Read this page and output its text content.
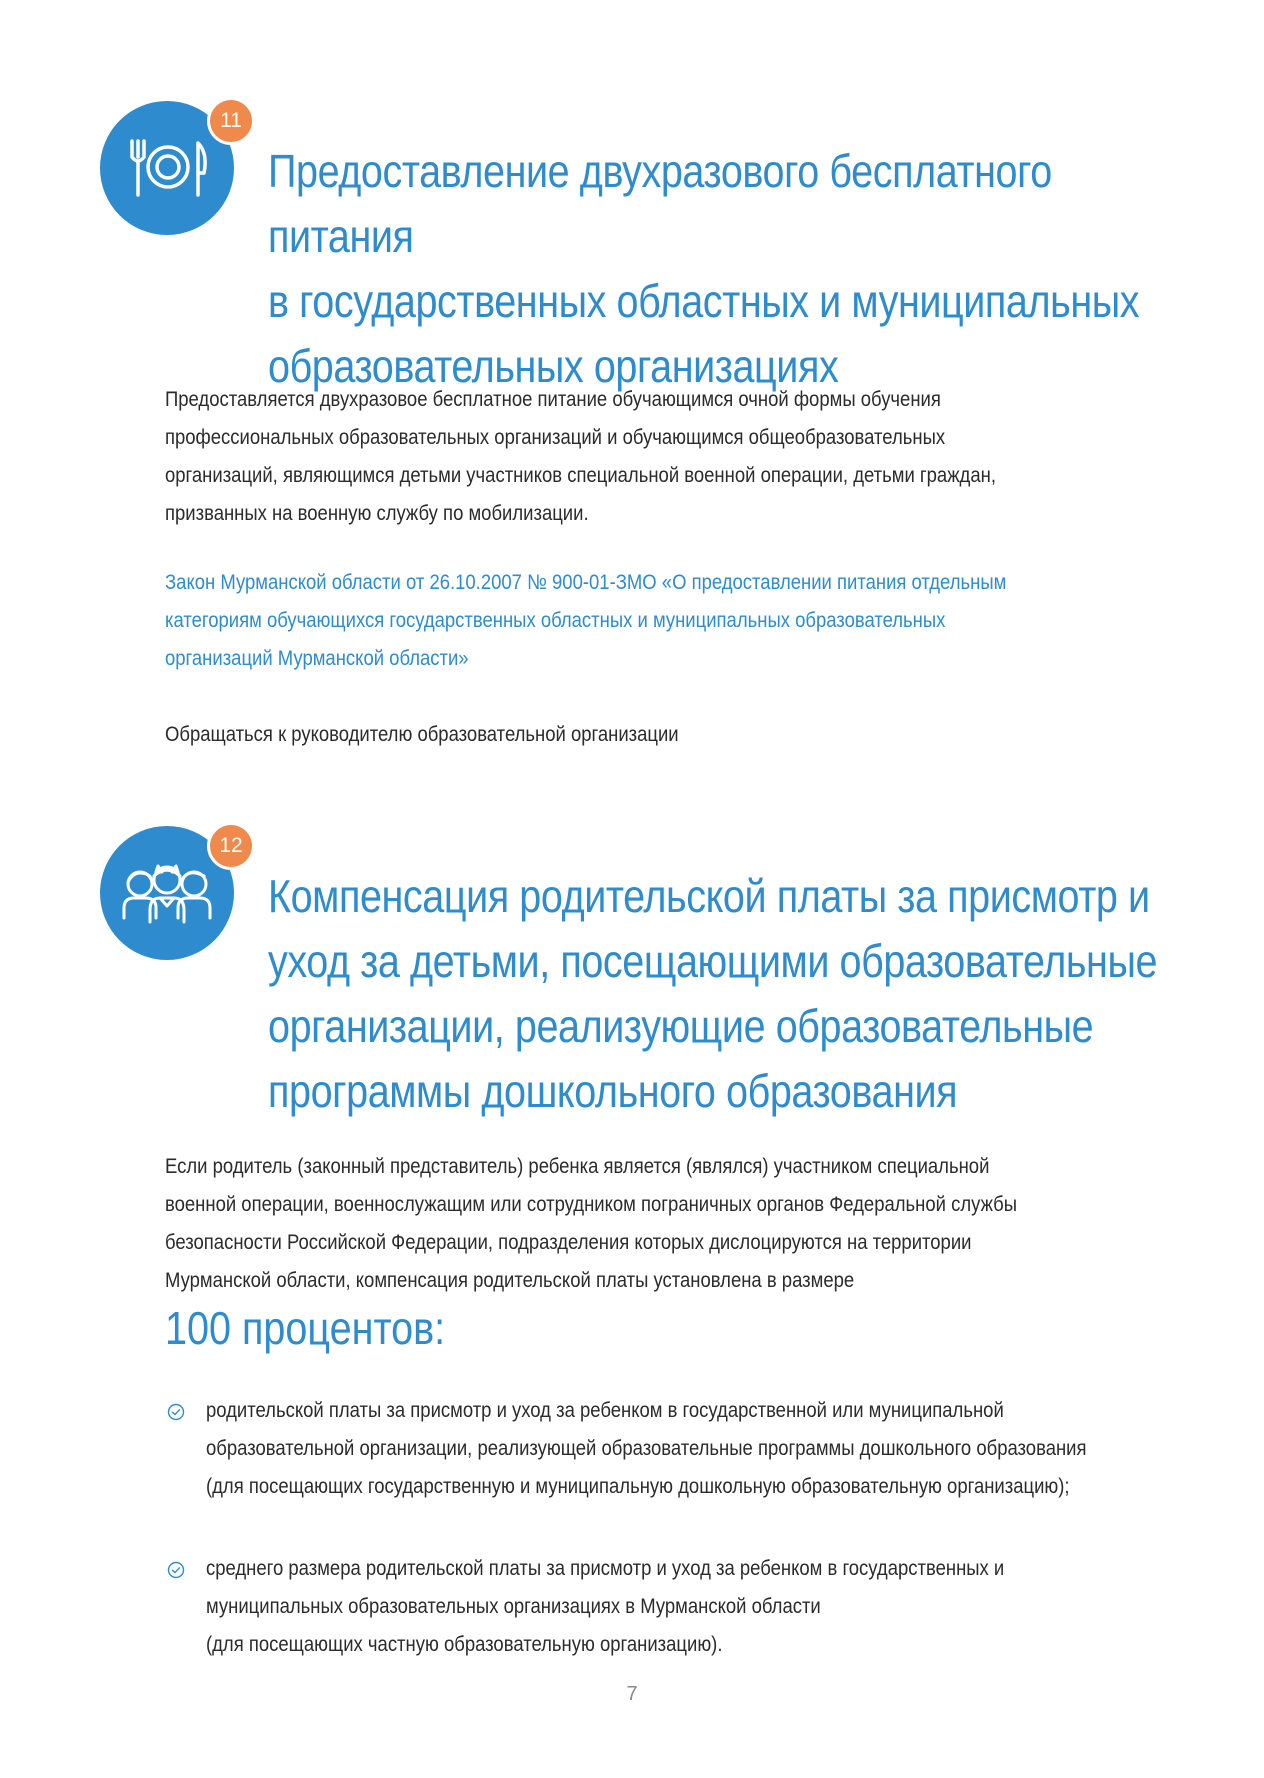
11
Предоставление двухразового бесплатного питания
в государственных областных и муниципальных
образовательных организациях

Предоставляется двухразовое бесплатное питание обучающимся очной формы обучения
профессиональных образовательных организаций и обучающимся общеобразовательных
организаций, являющимся детьми участников специальной военной операции, детьми граждан,
призванных на военную службу по мобилизации.

Закон Мурманской области от 26.10.2007 № 900-01-ЗМО «О предоставлении питания отдельным
категориям обучающихся государственных областных и муниципальных образовательных
организаций Мурманской области»

Обращаться к руководителю образовательной организации

12
Компенсация родительской платы за присмотр и
уход за детьми, посещающими образовательные
организации, реализующие образовательные
программы дошкольного образования

Если родитель (законный представитель) ребенка является (являлся) участником специальной
военной операции, военнослужащим или сотрудником пограничных органов Федеральной службы
безопасности Российской Федерации, подразделения которых дислоцируются на территории
Мурманской области, компенсация родительской платы установлена в размере

100 процентов:

родительской платы за присмотр и уход за ребенком в государственной или муниципальной
образовательной организации, реализующей образовательные программы дошкольного образования
(для посещающих государственную и муниципальную дошкольную образовательную организацию);
среднего размера родительской платы за присмотр и уход за ребенком в государственных и
муниципальных образовательных организациях в Мурманской области
(для посещающих частную образовательную организацию).
7
